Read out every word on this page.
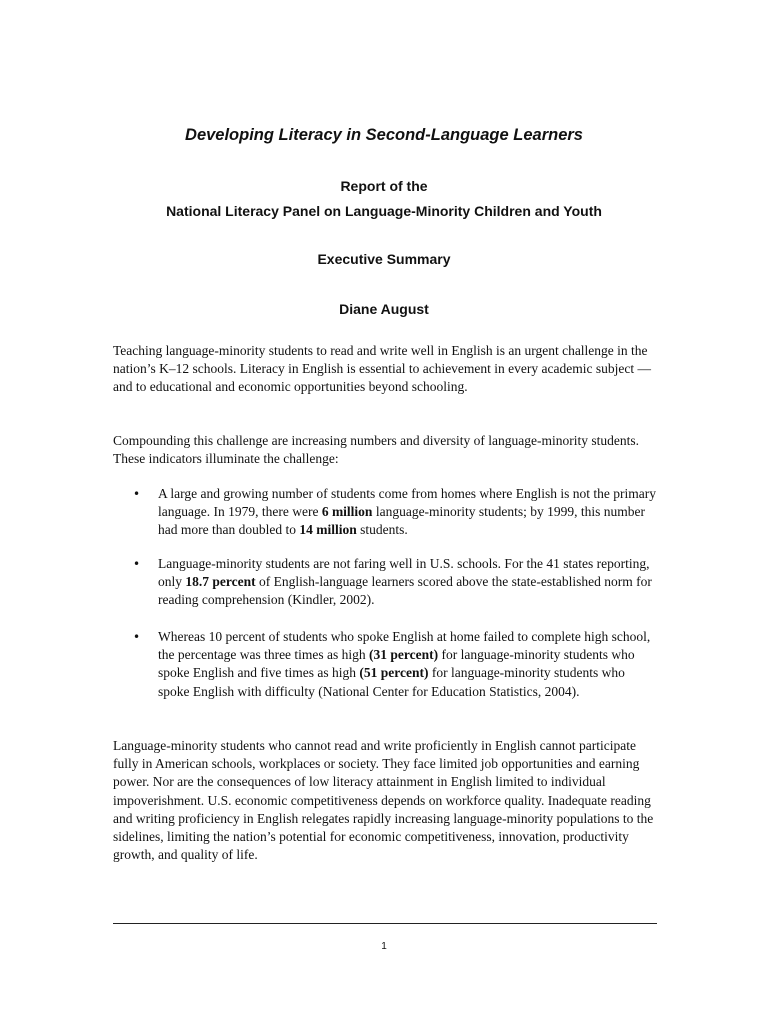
Developing Literacy in Second-Language Learners
Report of the
National Literacy Panel on Language-Minority Children and Youth
Executive Summary
Diane August

Teaching language-minority students to read and write well in English is an urgent challenge in the nation’s K–12 schools. Literacy in English is essential to achievement in every academic subject — and to educational and economic opportunities beyond schooling.

Compounding this challenge are increasing numbers and diversity of language-minority students. These indicators illuminate the challenge:

• A large and growing number of students come from homes where English is not the primary language. In 1979, there were 6 million language-minority students; by 1999, this number had more than doubled to 14 million students.
• Language-minority students are not faring well in U.S. schools. For the 41 states reporting, only 18.7 percent of English-language learners scored above the state-established norm for reading comprehension (Kindler, 2002).
• Whereas 10 percent of students who spoke English at home failed to complete high school, the percentage was three times as high (31 percent) for language-minority students who spoke English and five times as high (51 percent) for language-minority students who spoke English with difficulty (National Center for Education Statistics, 2004).

Language-minority students who cannot read and write proficiently in English cannot participate fully in American schools, workplaces or society. They face limited job opportunities and earning power. Nor are the consequences of low literacy attainment in English limited to individual impoverishment. U.S. economic competitiveness depends on workforce quality. Inadequate reading and writing proficiency in English relegates rapidly increasing language-minority populations to the sidelines, limiting the nation’s potential for economic competitiveness, innovation, productivity growth, and quality of life.

1
